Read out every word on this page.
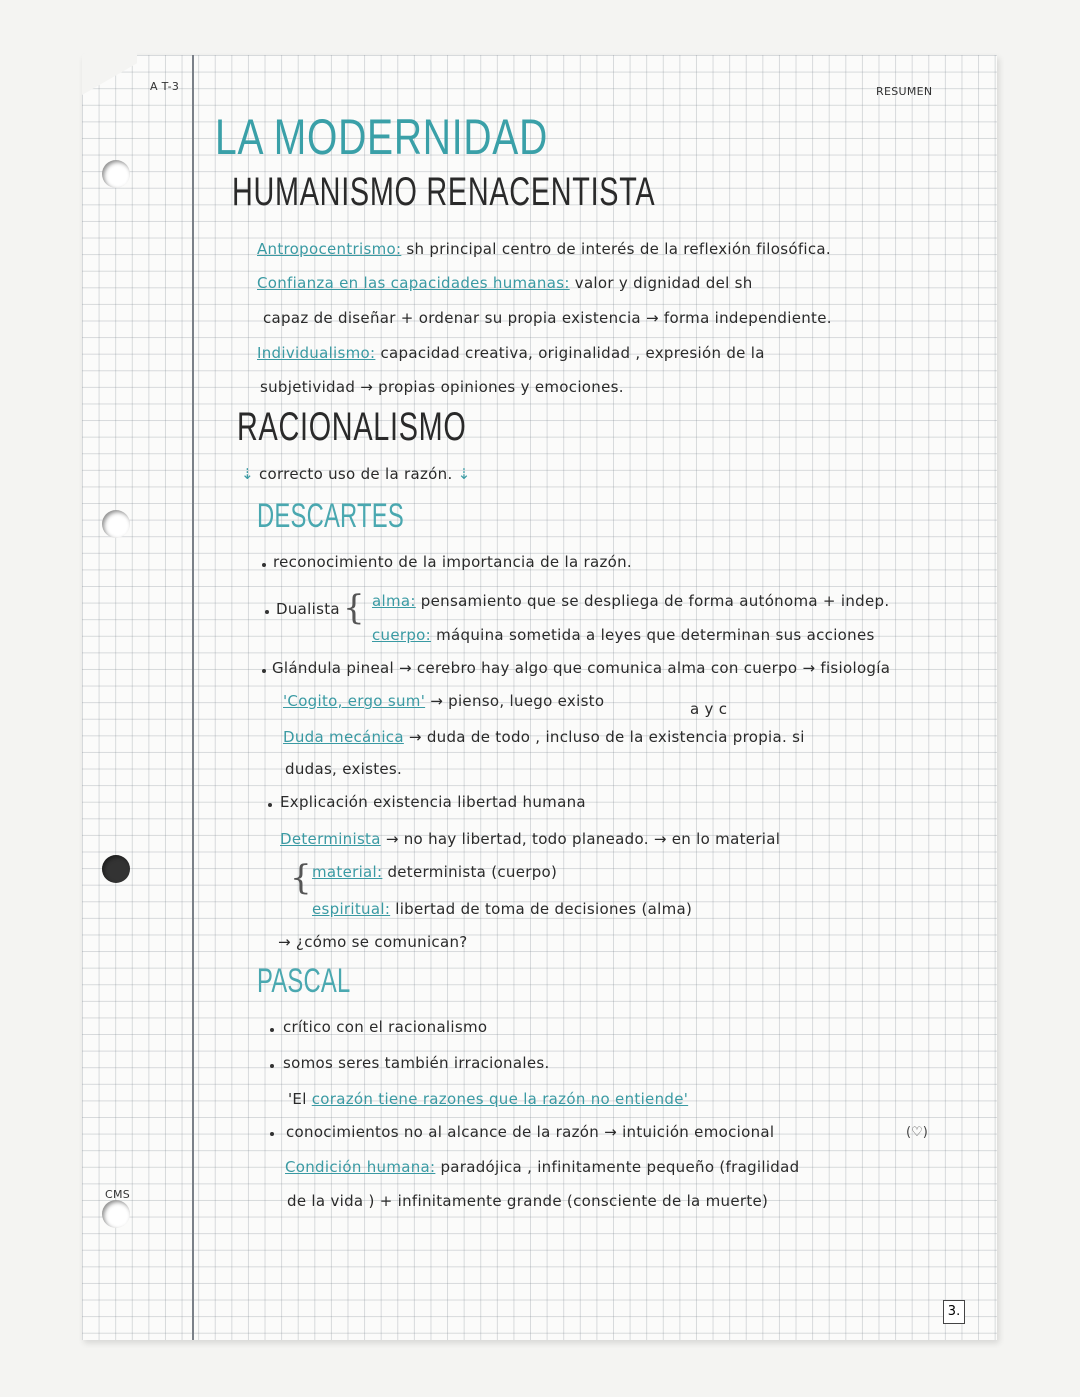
A T-3	RESUMEN
CMS
3.
LA MODERNIDAD
HUMANISMO RENACENTISTA
Antropocentrismo: sh principal centro de interés de la reflexión filosófica.
Confianza en las capacidades humanas: valor y dignidad del sh
capaz de diseñar + ordenar su propia existencia → forma independiente.
Individualismo: capacidad creativa, originalidad , expresión de la
subjetividad → propias opiniones y emociones.
RACIONALISMO
⇣ correcto uso de la razón. ⇣
DESCARTES
reconocimiento de la importancia de la razón.
Dualista { alma: pensamiento que se despliega de forma autónoma + indep.
cuerpo: máquina sometida a leyes que determinan sus acciones
Glándula pineal → cerebro hay algo que comunica alma con cuerpo → fisiología
'Cogito, ergo sum' → pienso, luego existo	a y c
Duda mecánica → duda de todo , incluso de la existencia propia. si
dudas, existes.
Explicación existencia libertad humana
Determinista → no hay libertad, todo planeado. → en lo material
{ material: determinista (cuerpo)
espiritual: libertad de toma de decisiones (alma)
→ ¿cómo se comunican?
PASCAL
crítico con el racionalismo
somos seres también irracionales.
'El corazón tiene razones que la razón no entiende'
conocimientos no al alcance de la razón → intuición emocional	(♡)
Condición humana: paradójica , infinitamente pequeño (fragilidad
de la vida ) + infinitamente grande (consciente de la muerte)
